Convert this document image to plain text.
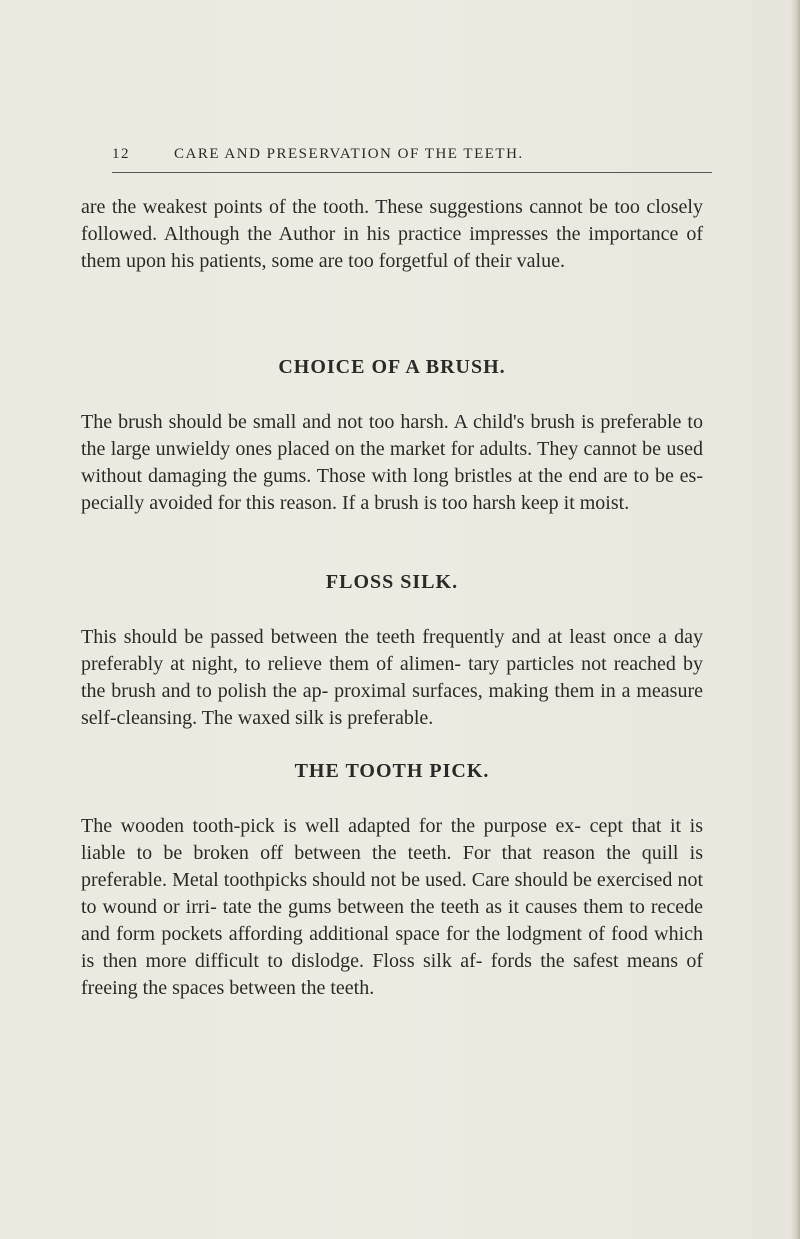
12	CARE AND PRESERVATION OF THE TEETH.

are the weakest points of the tooth. These suggestions cannot be too closely followed. Although the Author in his practice impresses the importance of them upon his patients, some are too forgetful of their value.

CHOICE OF A BRUSH.

The brush should be small and not too harsh. A child's brush is preferable to the large unwieldy ones placed on the market for adults. They cannot be used without damaging the gums. Those with long bristles at the end are to be es- pecially avoided for this reason. If a brush is too harsh keep it moist.

FLOSS SILK.

This should be passed between the teeth frequently and at least once a day preferably at night, to relieve them of alimen- tary particles not reached by the brush and to polish the ap- proximal surfaces, making them in a measure self-cleansing. The waxed silk is preferable.

THE TOOTH PICK.

The wooden tooth-pick is well adapted for the purpose ex- cept that it is liable to be broken off between the teeth. For that reason the quill is preferable. Metal toothpicks should not be used. Care should be exercised not to wound or irri- tate the gums between the teeth as it causes them to recede and form pockets affording additional space for the lodgment of food which is then more difficult to dislodge. Floss silk af- fords the safest means of freeing the spaces between the teeth.
